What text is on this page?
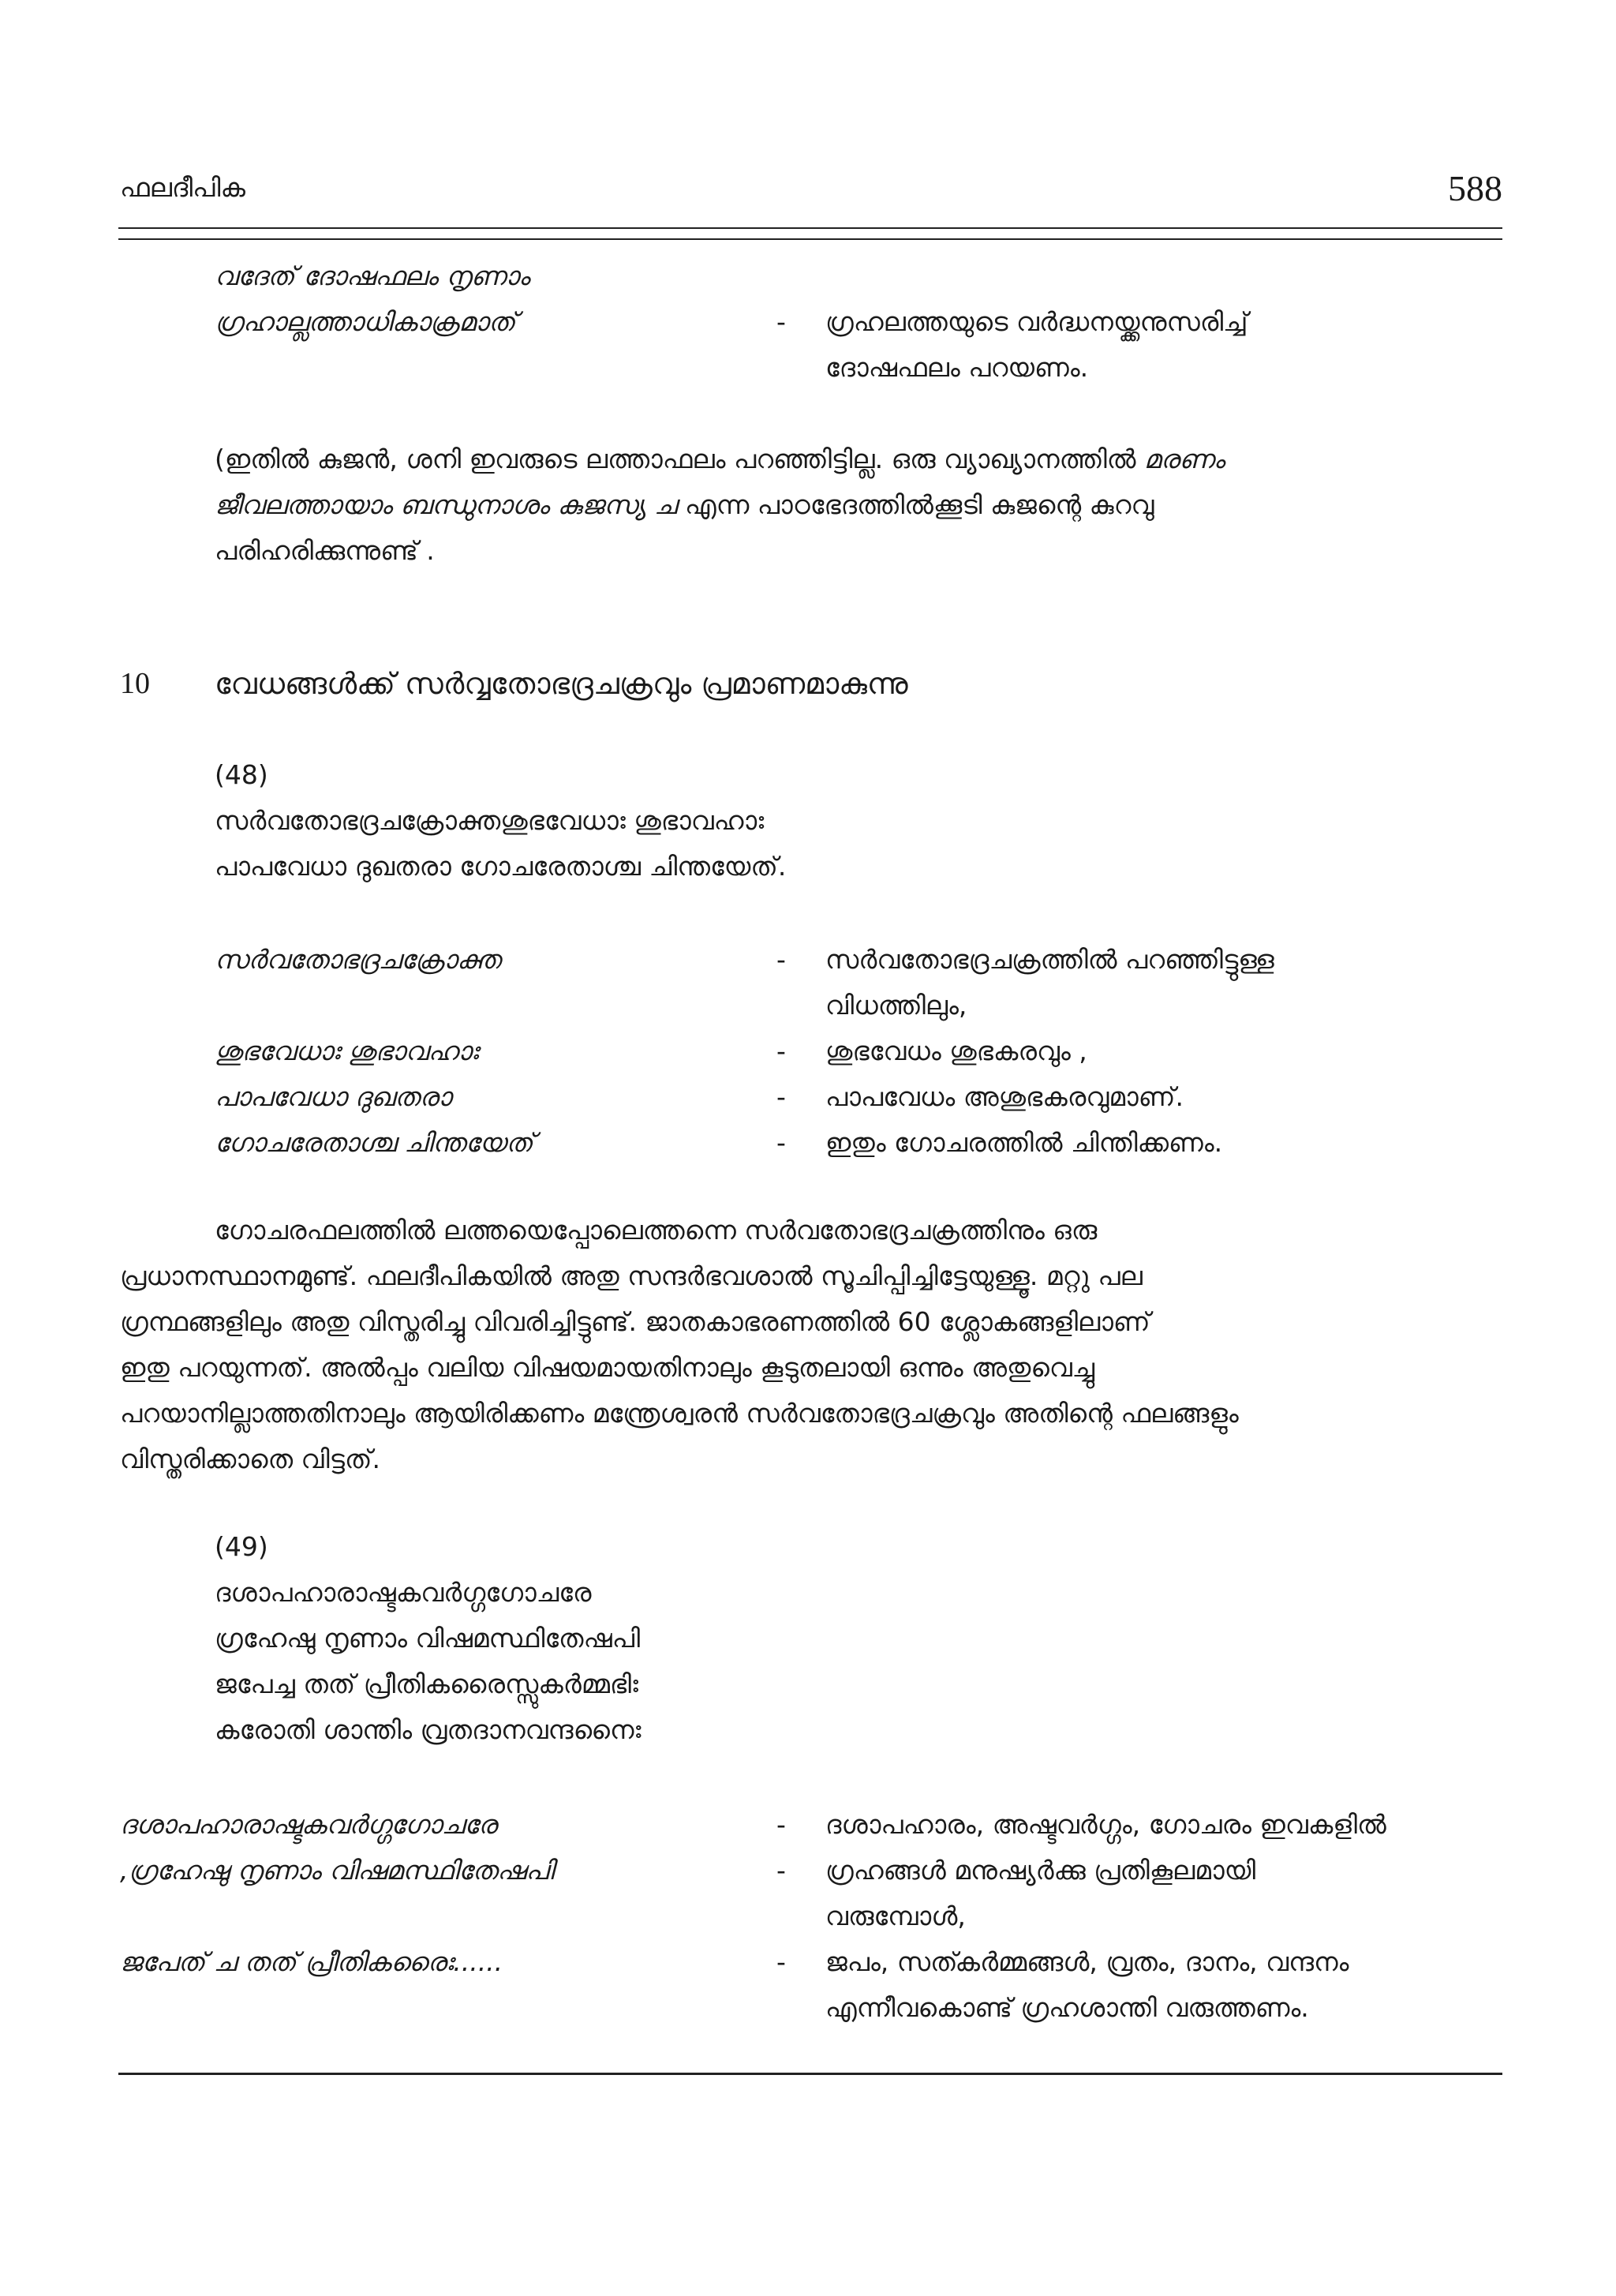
ഫലദീപിക	588
വദേത് ദോഷഫലം നൃണാം
ഗ്രഹാല്ലത്താധികാക്രമാത്	- ഗ്രഹലത്തയുടെ വർദ്ധനയ്ക്കനുസരിച്ച്
ദോഷഫലം പറയണം.
(ഇതിൽ കുജൻ, ശനി ഇവരുടെ ലത്താഫലം പറഞ്ഞിട്ടില്ല. ഒരു വ്യാഖ്യാനത്തിൽ മരണം
ജീവലത്തായാം ബന്ധുനാശം കുജസ്യ ച എന്ന പാഠഭേദത്തിൽക്കൂടി കുജന്റെ കുറവു
പരിഹരിക്കുന്നുണ്ട് .
10 വേധങ്ങൾക്ക് സർവ്വതോഭദ്രചക്രവും പ്രമാണമാകുന്നു
(48)
സർവതോഭദ്രചക്രോക്തശുഭവേധാഃ ശുഭാവഹാഃ
പാപവേധാ ദുഖതരാ ഗോചരേതാശ്ച ചിന്തയേത്.
സർവതോഭദ്രചക്രോക്ത	- സർവതോഭദ്രചക്രത്തിൽ പറഞ്ഞിട്ടുള്ള
വിധത്തിലും,
ശുഭവേധാഃ ശുഭാവഹാഃ	- ശുഭവേധം ശുഭകരവും ,
പാപവേധാ ദുഖതരാ	- പാപവേധം അശുഭകരവുമാണ്.
ഗോചരേതാശ്ച ചിന്തയേത്	- ഇതും ഗോചരത്തിൽ ചിന്തിക്കണം.
ഗോചരഫലത്തിൽ ലത്തയെപ്പോലെത്തന്നെ സർവതോഭദ്രചക്രത്തിനും ഒരു
പ്രധാനസ്ഥാനമുണ്ട്. ഫലദീപികയിൽ അതു സന്ദർഭവശാൽ സൂചിപ്പിച്ചിട്ടേയുള്ളൂ. മറ്റു പല
ഗ്രന്ഥങ്ങളിലും അതു വിസ്തരിച്ചു വിവരിച്ചിട്ടുണ്ട്. ജാതകാഭരണത്തിൽ 60 ശ്ലോകങ്ങളിലാണ്
ഇതു പറയുന്നത്. അൽപ്പം വലിയ വിഷയമായതിനാലും കൂടുതലായി ഒന്നും അതുവെച്ചു
പറയാനില്ലാത്തതിനാലും ആയിരിക്കണം മന്ത്രേശ്വരൻ സർവതോഭദ്രചക്രവും അതിന്റെ ഫലങ്ങളും
വിസ്തരിക്കാതെ വിട്ടത്.
(49)
ദശാപഹാരാഷ്ടകവർഗ്ഗഗോചരേ
ഗ്രഹേഷു നൃണാം വിഷമസ്ഥിതേഷപി
ജപേച്ച തത് പ്രീതികരൈസ്സുകർമ്മഭിഃ
കരോതി ശാന്തിം വ്രതദാനവന്ദനൈഃ
ദശാപഹാരാഷ്ടകവർഗ്ഗഗോചരേ	- ദശാപഹാരം, അഷ്ടവർഗ്ഗം, ഗോചരം ഇവകളിൽ
,ഗ്രഹേഷു നൃണാം വിഷമസ്ഥിതേഷപി	- ഗ്രഹങ്ങൾ മനുഷ്യർക്കു പ്രതികൂലമായി
വരുമ്പോൾ,
ജപേത് ച തത് പ്രീതികരൈഃ......	- ജപം, സത്കർമ്മങ്ങൾ, വ്രതം, ദാനം, വന്ദനം
എന്നീവകൊണ്ട് ഗ്രഹശാന്തി വരുത്തണം.
